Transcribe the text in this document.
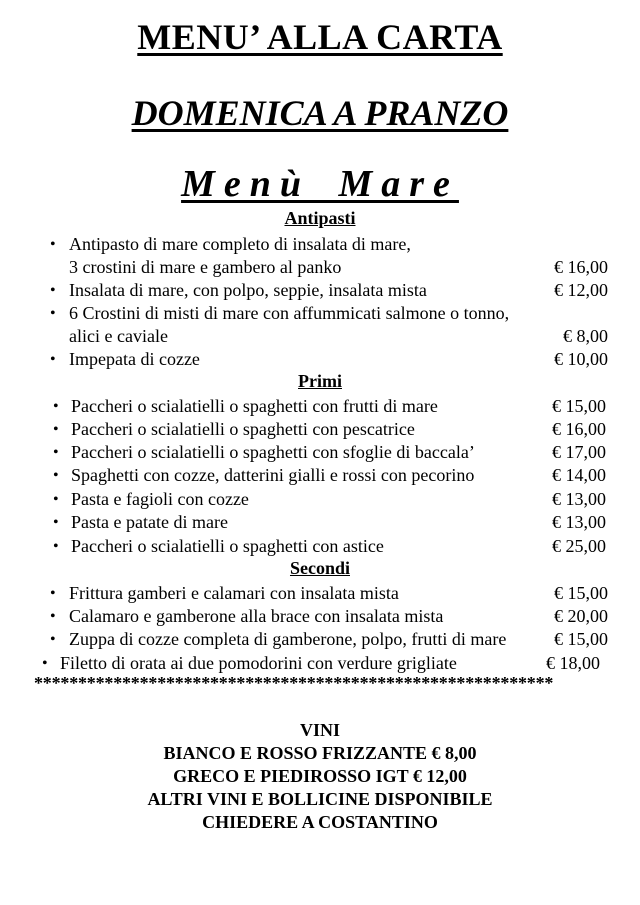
MENU’ ALLA CARTA
DOMENICA A PRANZO
Menù Mare
Antipasti
• Antipasto di mare completo di insalata di mare,
3 crostini di mare e gambero al panko	€ 16,00
• Insalata di mare, con polpo, seppie, insalata mista	€ 12,00
• 6 Crostini di misti di mare con affummicati salmone o tonno,
alici e caviale	€ 8,00
• Impepata di cozze	€ 10,00
Primi
• Paccheri o scialatielli o spaghetti con frutti di mare	€ 15,00
• Paccheri o scialatielli o spaghetti con pescatrice	€ 16,00
• Paccheri o scialatielli o spaghetti con sfoglie di baccala’	€ 17,00
• Spaghetti con cozze, datterini gialli e rossi con pecorino	€ 14,00
• Pasta e fagioli con cozze	€ 13,00
• Pasta e patate di mare	€ 13,00
• Paccheri o scialatielli o spaghetti con astice	€ 25,00
Secondi
• Frittura gamberi e calamari con insalata mista	€ 15,00
• Calamaro e gamberone alla brace con insalata mista	€ 20,00
• Zuppa di cozze completa di gamberone, polpo, frutti di mare	€ 15,00
• Filetto di orata ai due pomodorini con verdure grigliate	€ 18,00
***********************************************************
VINI
BIANCO E ROSSO FRIZZANTE € 8,00
GRECO E PIEDIROSSO IGT € 12,00
ALTRI VINI E BOLLICINE DISPONIBILE
CHIEDERE A COSTANTINO
